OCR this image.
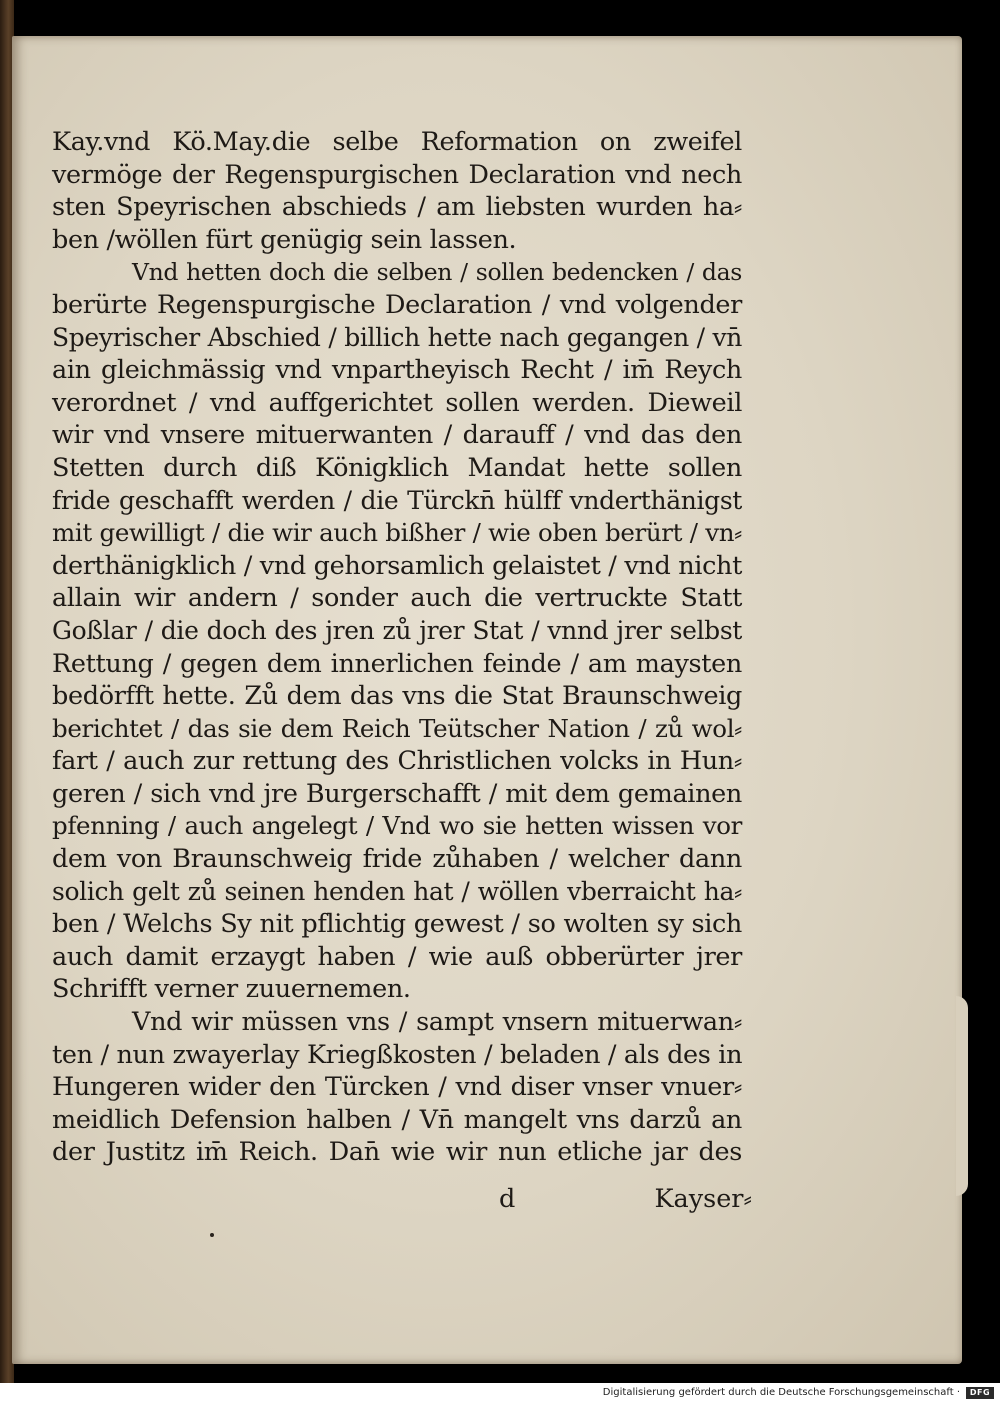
Kay.vnd Kö.May.die selbe Reformation on zweifel
vermöge der Regenspurgischen Declaration vnd nech
sten Speyrischen abschieds / am liebsten wurden ha⸗
ben /wöllen fürt genügig sein lassen.
Vnd hetten doch die selben / sollen bedencken / das
berürte Regenspurgische Declaration / vnd volgender
Speyrischer Abschied / billich hette nach gegangen / vn̄
ain gleichmässig vnd vnpartheyisch Recht / im̄ Reych
verordnet / vnd auffgerichtet sollen werden. Dieweil
wir vnd vnsere mituerwanten / darauff / vnd das den
Stetten durch diß Königklich Mandat hette sollen
fride geschafft werden / die Türckn̄ hülff vnderthänigst
mit gewilligt / die wir auch bißher / wie oben berürt / vn⸗
derthänigklich / vnd gehorsamlich gelaistet / vnd nicht
allain wir andern / sonder auch die vertruckte Statt
Goßlar / die doch des jren zů jrer Stat / vnnd jrer selbst
Rettung / gegen dem innerlichen feinde / am maysten
bedörfft hette. Zů dem das vns die Stat Braunschweig
berichtet / das sie dem Reich Teütscher Nation / zů wol⸗
fart / auch zur rettung des Christlichen volcks in Hun⸗
geren / sich vnd jre Burgerschafft / mit dem gemainen
pfenning / auch angelegt / Vnd wo sie hetten wissen vor
dem von Braunschweig fride zůhaben / welcher dann
solich gelt zů seinen henden hat / wöllen vberraicht ha⸗
ben / Welchs Sy nit pflichtig gewest / so wolten sy sich
auch damit erzaygt haben / wie auß obberürter jrer
Schrifft verner zuuernemen.
Vnd wir müssen vns / sampt vnsern mituerwan⸗
ten / nun zwayerlay Kriegßkosten / beladen / als des in
Hungeren wider den Türcken / vnd diser vnser vnuer⸗
meidlich Defension halben / Vn̄ mangelt vns darzů an
der Justitz im̄ Reich. Dan̄ wie wir nun etliche jar des
d	Kayser⸗
Digitalisierung gefördert durch die Deutsche Forschungsgemeinschaft ·	DFG
